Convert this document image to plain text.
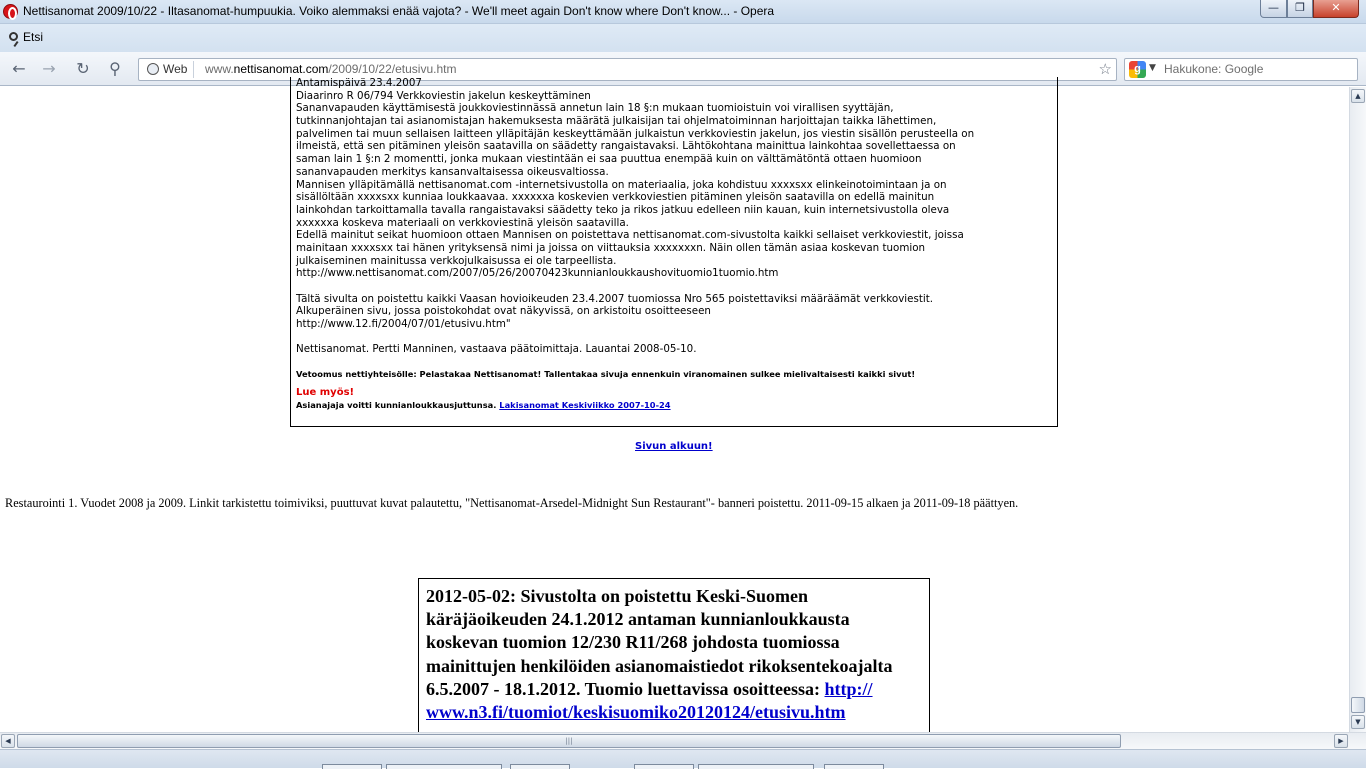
Nettisanomat 2009/10/22 - Iltasanomat-humpuukia. Voiko alemmaksi enää vajota? - We'll meet again Don't know where Don't know... - Opera	—	❐	✕
Etsi
← → ↻	⚲	Web	www.nettisanomat.com/2009/10/22/etusivu.htm	☆	g ▼ Hakukone: Google
Antamispäivä 23.4.2007
Diaarinro R 06/794 Verkkoviestin jakelun keskeyttäminen
Sananvapauden käyttämisestä joukkoviestinnässä annetun lain 18 §:n mukaan tuomioistuin voi virallisen syyttäjän,
tutkinnanjohtajan tai asianomistajan hakemuksesta määrätä julkaisijan tai ohjelmatoiminnan harjoittajan taikka lähettimen,
palvelimen tai muun sellaisen laitteen ylläpitäjän keskeyttämään julkaistun verkkoviestin jakelun, jos viestin sisällön perusteella on
ilmeistä, että sen pitäminen yleisön saatavilla on säädetty rangaistavaksi. Lähtökohtana mainittua lainkohtaa sovellettaessa on
saman lain 1 §:n 2 momentti, jonka mukaan viestintään ei saa puuttua enempää kuin on välttämätöntä ottaen huomioon
sananvapauden merkitys kansanvaltaisessa oikeusvaltiossa.
Mannisen ylläpitämällä nettisanomat.com -internetsivustolla on materiaalia, joka kohdistuu xxxxsxx elinkeinotoimintaan ja on
sisällöltään xxxxsxx kunniaa loukkaavaa. xxxxxxa koskevien verkkoviestien pitäminen yleisön saatavilla on edellä mainitun
lainkohdan tarkoittamalla tavalla rangaistavaksi säädetty teko ja rikos jatkuu edelleen niin kauan, kuin internetsivustolla oleva
xxxxxxa koskeva materiaali on verkkoviestinä yleisön saatavilla.
Edellä mainitut seikat huomioon ottaen Mannisen on poistettava nettisanomat.com-sivustolta kaikki sellaiset verkkoviestit, joissa
mainitaan xxxxsxx tai hänen yrityksensä nimi ja joissa on viittauksia xxxxxxxn. Näin ollen tämän asiaa koskevan tuomion
julkaiseminen mainitussa verkkojulkaisussa ei ole tarpeellista.
http://www.nettisanomat.com/2007/05/26/20070423kunnianloukkaushovituomio1tuomio.htm
Tältä sivulta on poistettu kaikki Vaasan hovioikeuden 23.4.2007 tuomiossa Nro 565 poistettaviksi määräämät verkkoviestit.
Alkuperäinen sivu, jossa poistokohdat ovat näkyvissä, on arkistoitu osoitteeseen
http://www.12.fi/2004/07/01/etusivu.htm"
Nettisanomat. Pertti Manninen, vastaava päätoimittaja. Lauantai 2008-05-10.
Vetoomus nettiyhteisölle: Pelastakaa Nettisanomat! Tallentakaa sivuja ennenkuin viranomainen sulkee mielivaltaisesti kaikki sivut!
Lue myös!
Asianajaja voitti kunnianloukkausjuttunsa. Lakisanomat Keskiviikko 2007-10-24
Sivun alkuun!
Restaurointi 1. Vuodet 2008 ja 2009. Linkit tarkistettu toimiviksi, puuttuvat kuvat palautettu, "Nettisanomat-Arsedel-Midnight Sun Restaurant"- banneri poistettu. 2011-09-15 alkaen ja 2011-09-18 päättyen.
2012-05-02: Sivustolta on poistettu Keski-Suomen käräjäoikeuden 24.1.2012 antaman kunnianloukkausta koskevan tuomion 12/230 R11/268 johdosta tuomiossa mainittujen henkilöiden asianomaistiedot rikoksentekoajalta 6.5.2007 - 18.1.2012. Tuomio luettavissa osoitteessa: http:// www.n3.fi/tuomiot/keskisuomiko20120124/etusivu.htm
▲
▼
◀	|||	▶
